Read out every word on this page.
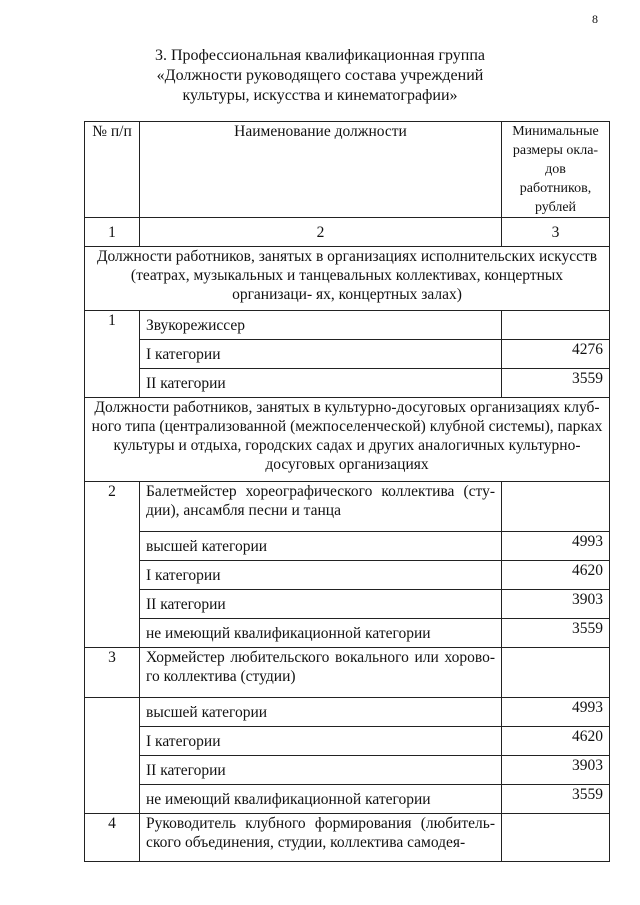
8
3. Профессиональная квалификационная группа
«Должности руководящего состава учреждений
культуры, искусства и кинематографии»
№ п/п	Наименование должности	Минимальные размеры окла- дов работников, рублей
1	2	3
Должности работников, занятых в организациях исполнительских искусств (театрах, музыкальных и танцевальных коллективах, концертных организаци- ях, концертных залах)		
1	Звукорежиссер	
	I категории	4276
	II категории	3559
Должности работников, занятых в культурно-досуговых организациях клуб- ного типа (централизованной (межпоселенческой) клубной системы), парках культуры и отдыха, городских садах и других аналогичных культурно- досуговых организациях		
2	Балетмейстер хореографического коллектива (сту- дии), ансамбля песни и танца	
	высшей категории	4993
	I категории	4620
	II категории	3903
	не имеющий квалификационной категории	3559
3	Хормейстер любительского вокального или хорово- го коллектива (студии)	
	высшей категории	4993
	I категории	4620
	II категории	3903
	не имеющий квалификационной категории	3559
4	Руководитель клубного формирования (любитель- ского объединения, студии, коллектива самодея-	
